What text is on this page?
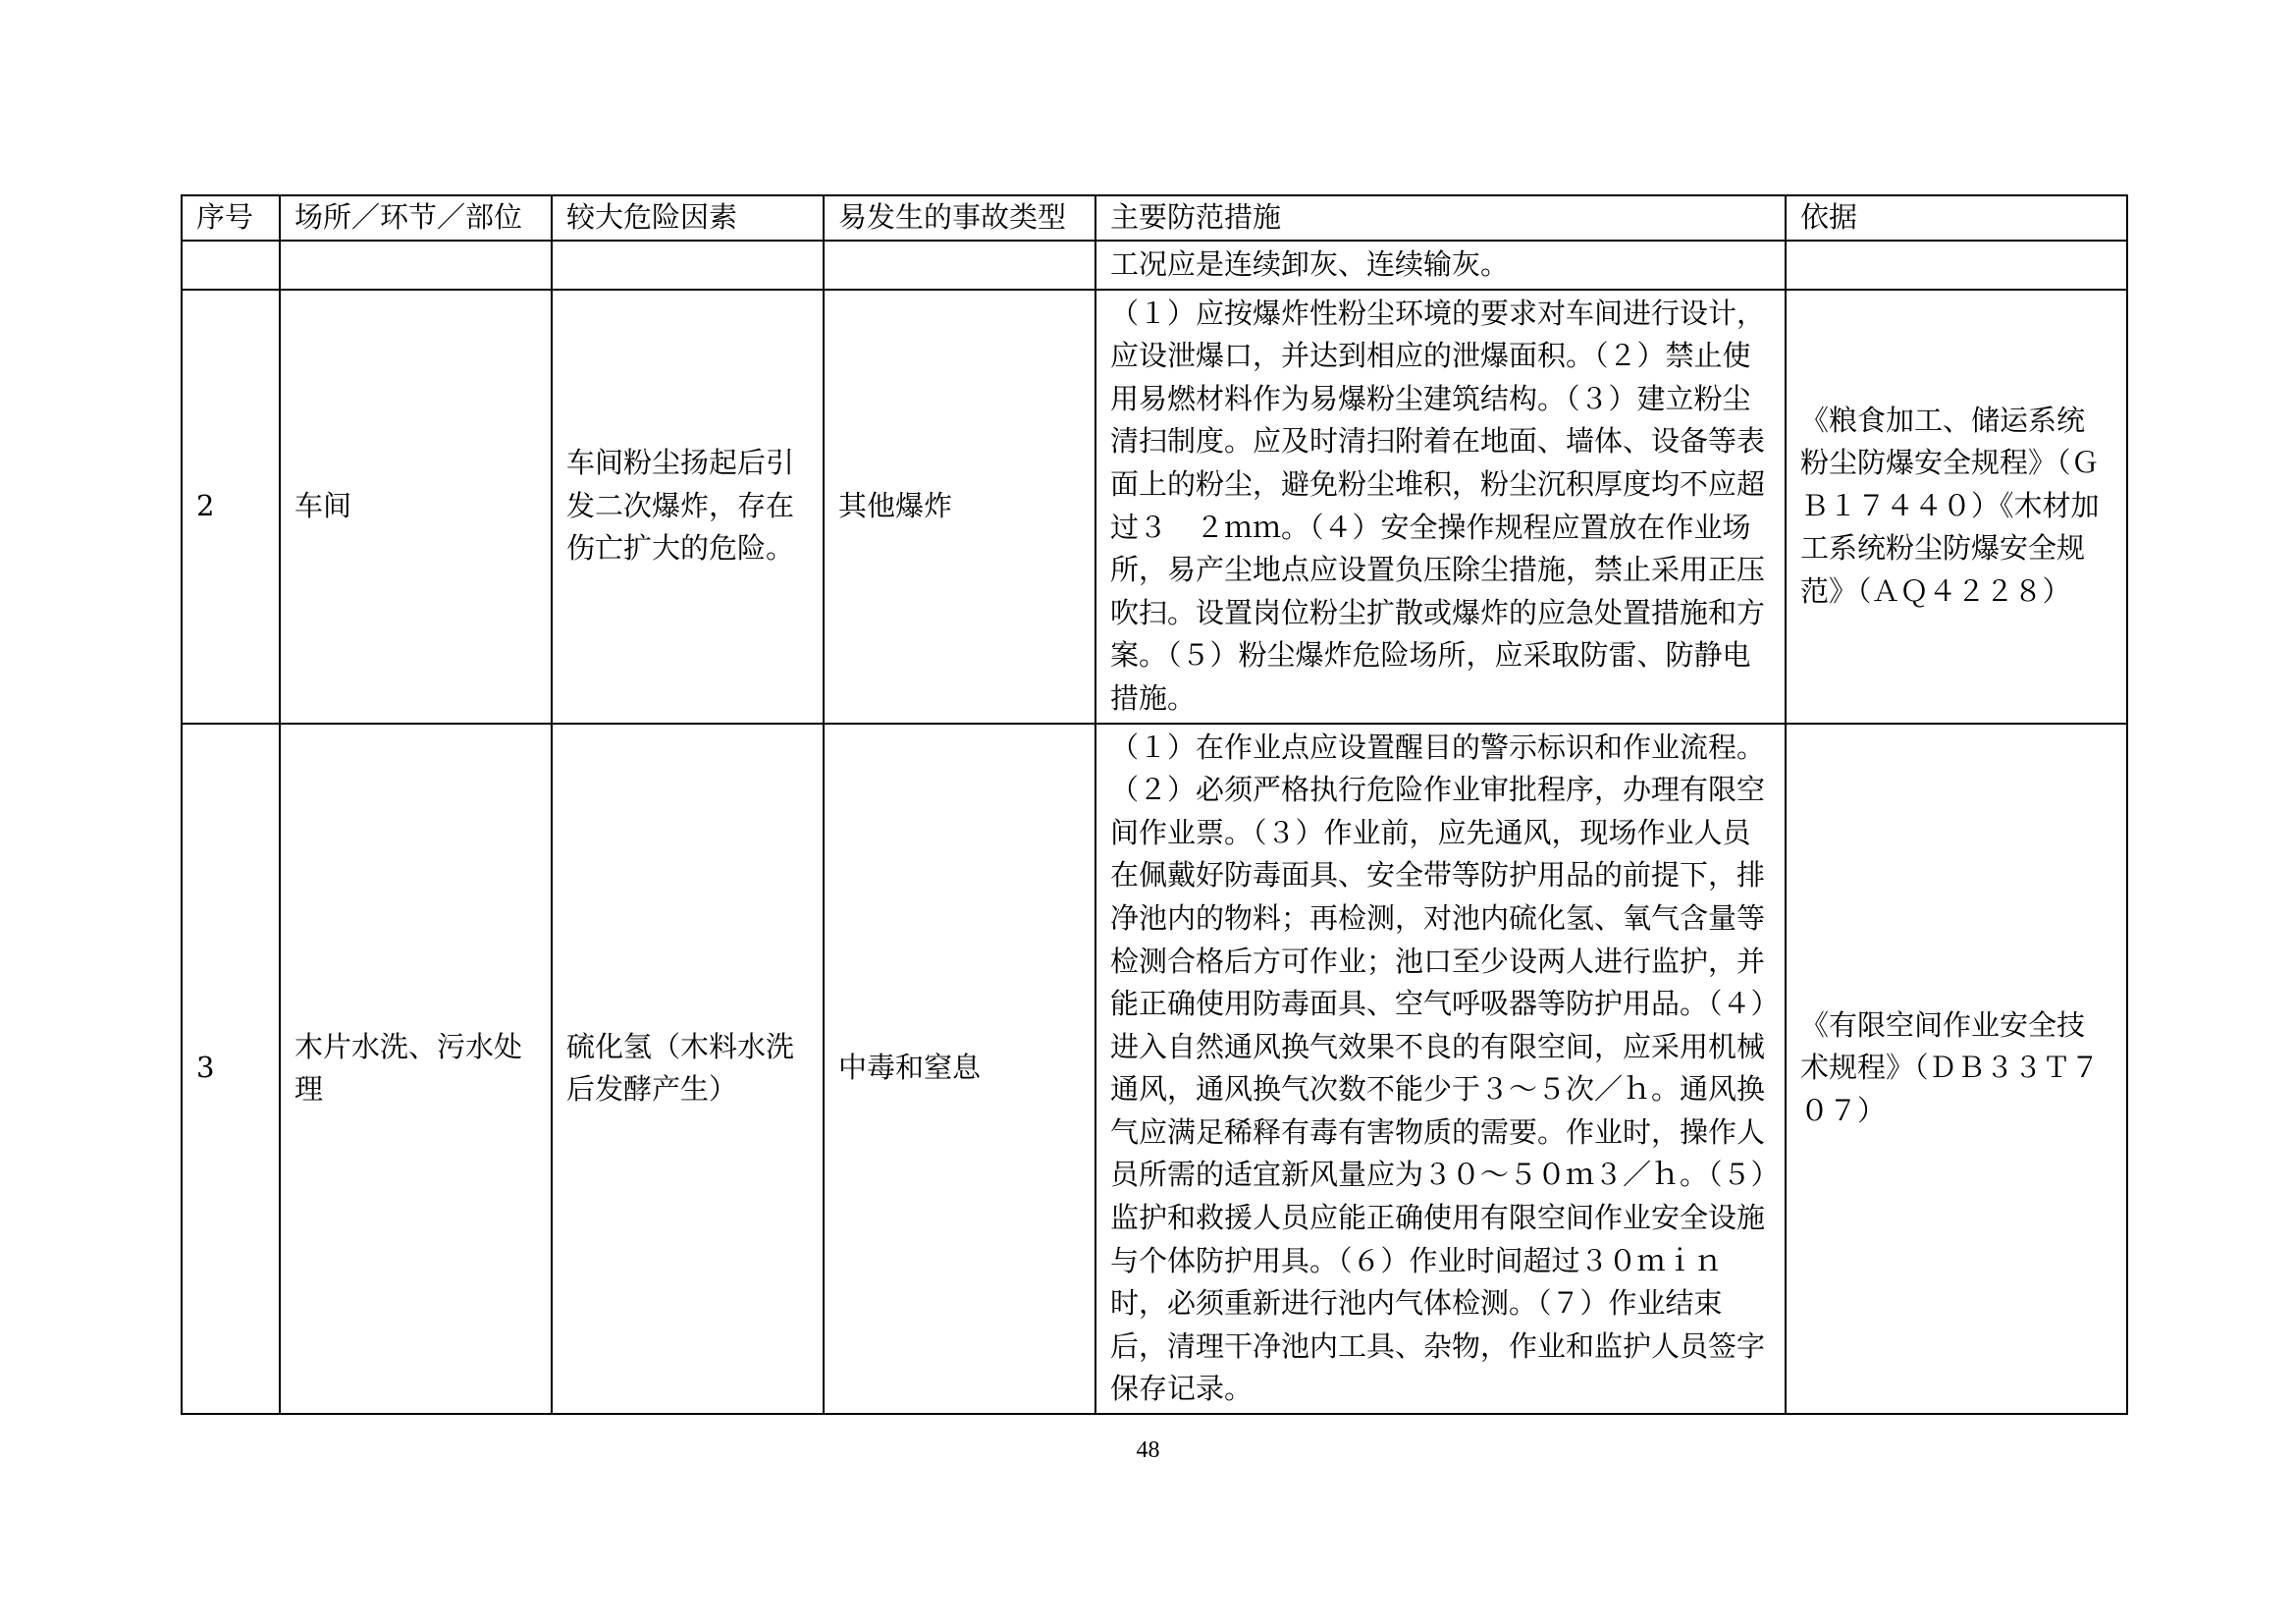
序号	场所／环节／部位	较大危险因素	易发生的事故类型	主要防范措施	依据
				工况应是连续卸灰、连续输灰。	
2	车间	车间粉尘扬起后引发二次爆炸，存在伤亡扩大的危险。	其他爆炸	（１）应按爆炸性粉尘环境的要求对车间进行设计，应设泄爆口，并达到相应的泄爆面积。（２）禁止使用易燃材料作为易爆粉尘建筑结构。（３）建立粉尘清扫制度。应及时清扫附着在地面、墙体、设备等表面上的粉尘，避免粉尘堆积，粉尘沉积厚度均不应超过３　２ｍｍ。（４）安全操作规程应置放在作业场所，易产尘地点应设置负压除尘措施，禁止采用正压吹扫。设置岗位粉尘扩散或爆炸的应急处置措施和方案。（５）粉尘爆炸危险场所，应采取防雷、防静电措施。	《粮食加工、储运系统粉尘防爆安全规程》（ＧＢ１７４４０）《木材加工系统粉尘防爆安全规范》（ＡＱ４２２８）
3	木片水洗、污水处理	硫化氢（木料水洗后发酵产生）	中毒和窒息	（１）在作业点应设置醒目的警示标识和作业流程。（２）必须严格执行危险作业审批程序，办理有限空间作业票。（３）作业前，应先通风，现场作业人员在佩戴好防毒面具、安全带等防护用品的前提下，排净池内的物料；再检测，对池内硫化氢、氧气含量等检测合格后方可作业；池口至少设两人进行监护，并能正确使用防毒面具、空气呼吸器等防护用品。（４）进入自然通风换气效果不良的有限空间，应采用机械通风，通风换气次数不能少于３～５次／ｈ。通风换气应满足稀释有毒有害物质的需要。作业时，操作人员所需的适宜新风量应为３０～５０ｍ３／ｈ。（５）监护和救援人员应能正确使用有限空间作业安全设施与个体防护用具。（６）作业时间超过３０ｍｉｎ时，必须重新进行池内气体检测。（７）作业结束后，清理干净池内工具、杂物，作业和监护人员签字保存记录。	《有限空间作业安全技术规程》（ＤＢ３３Ｔ７０７）
48
